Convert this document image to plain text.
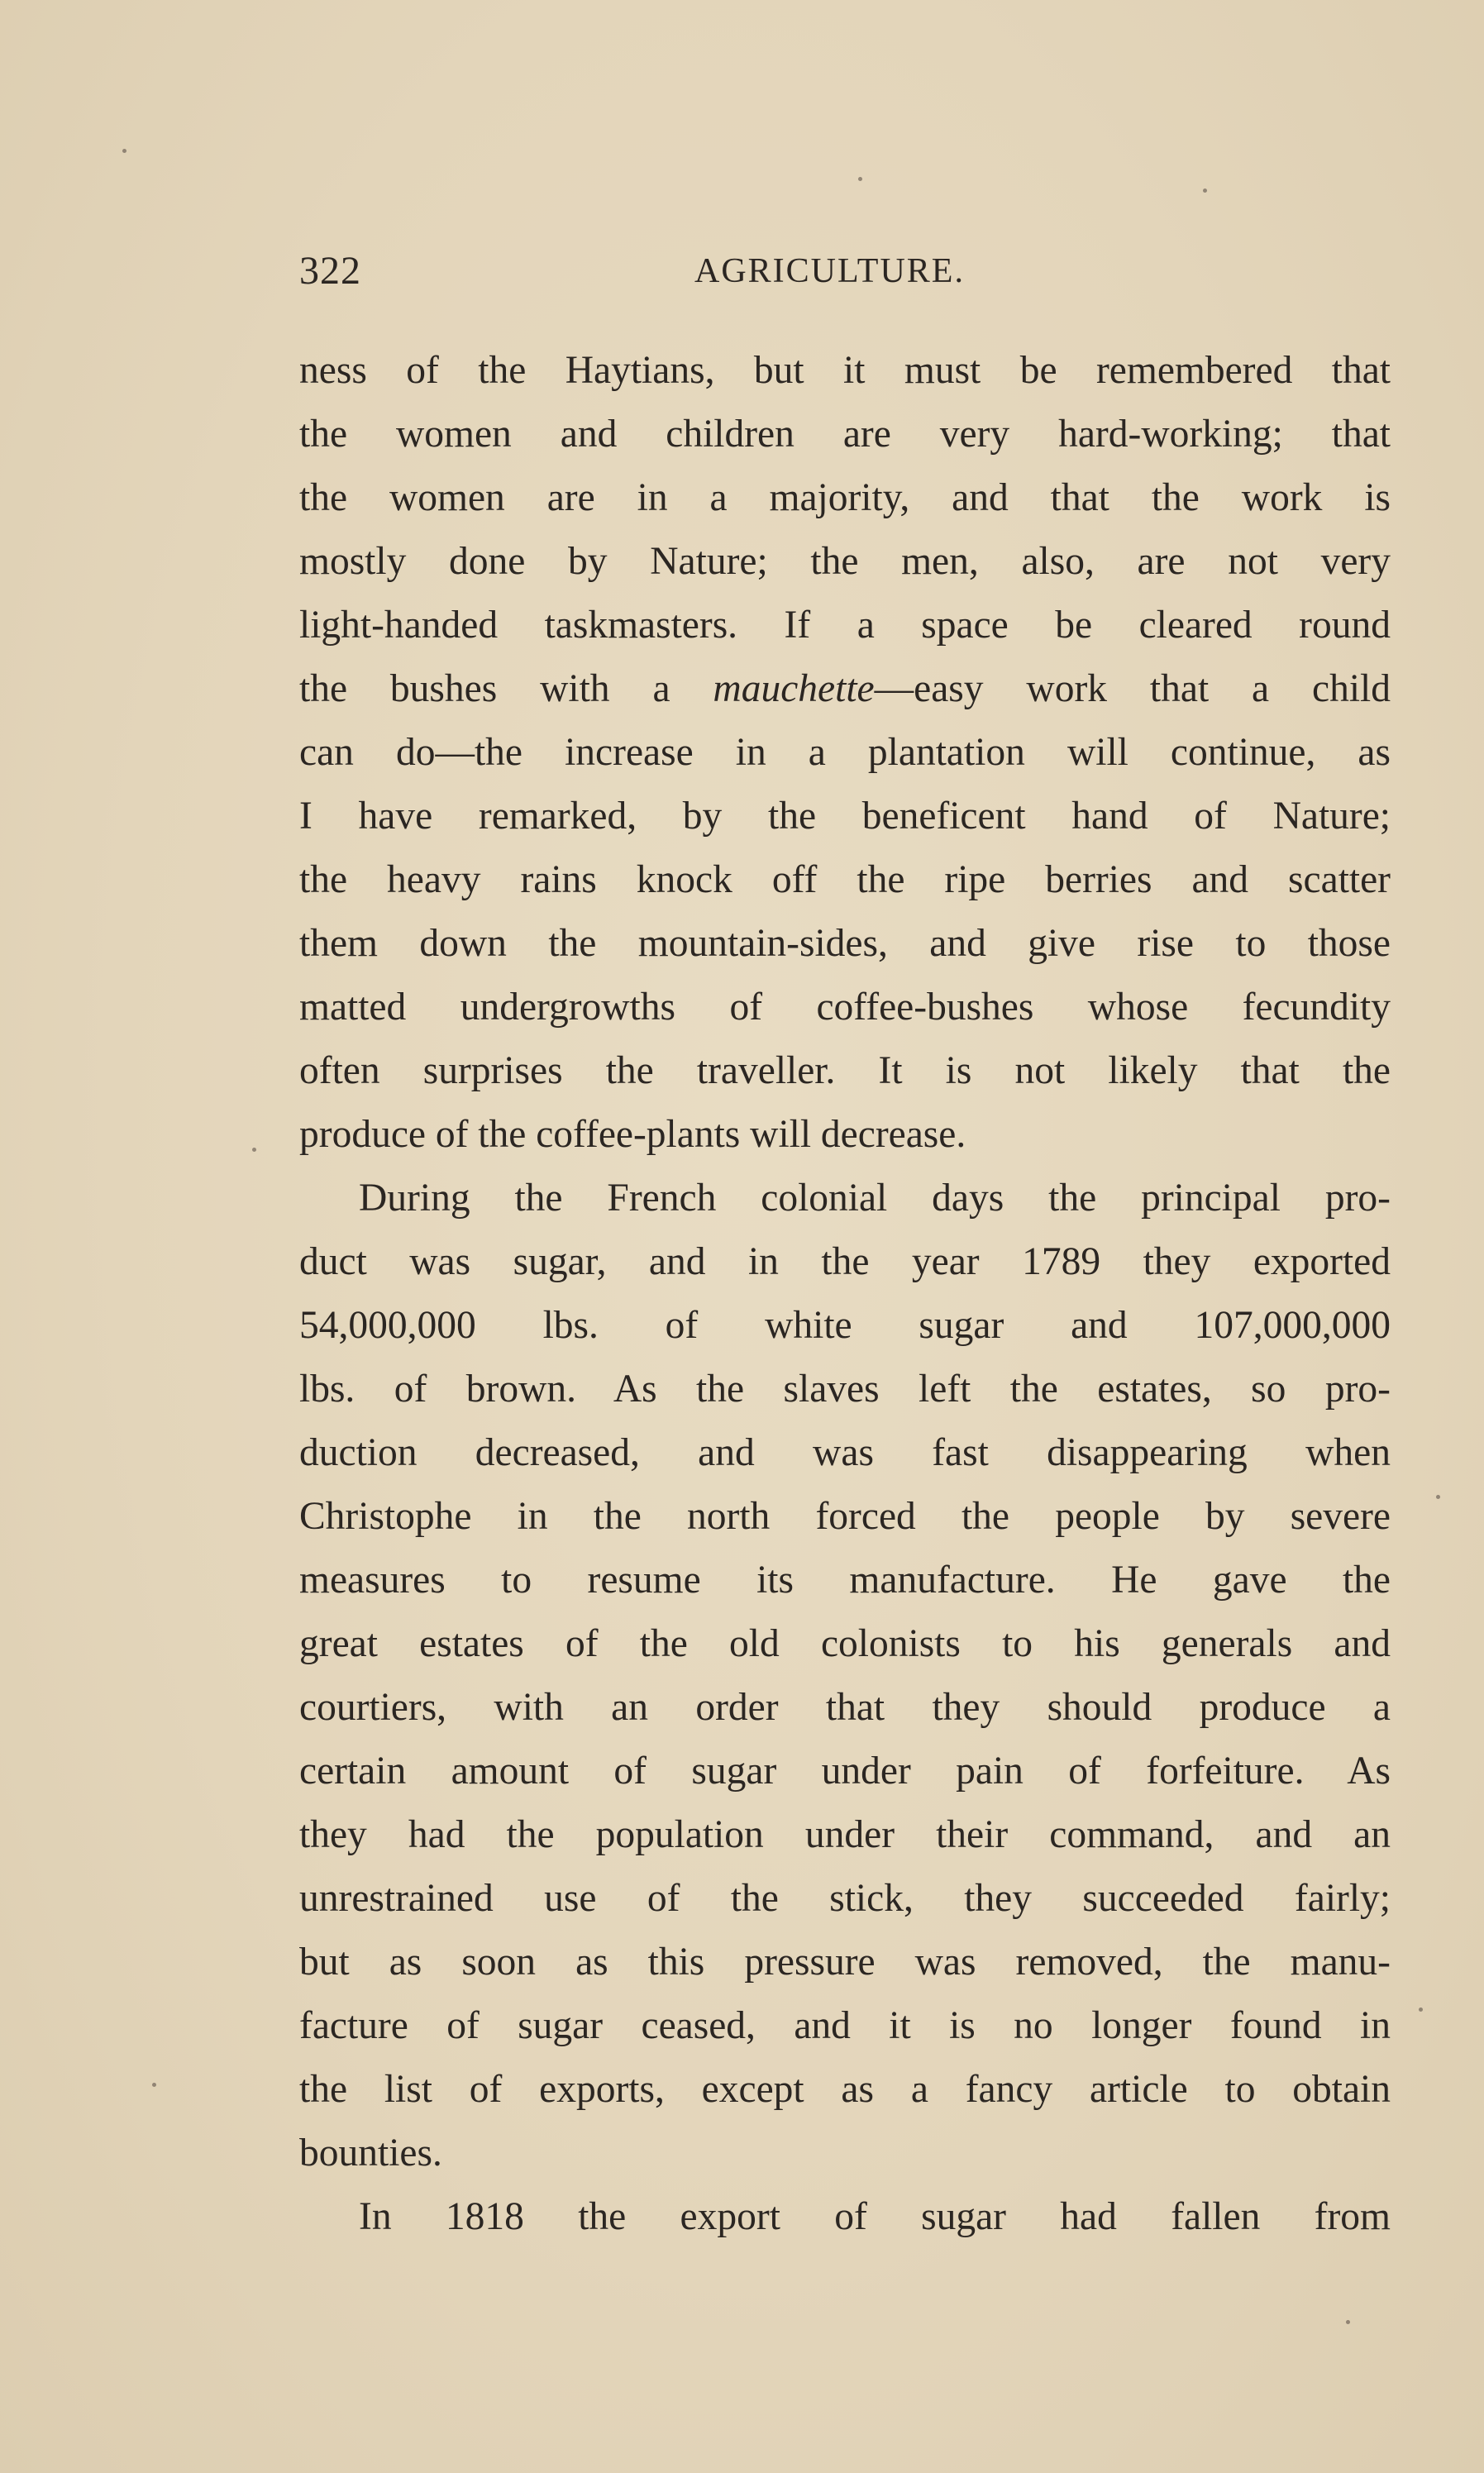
322	AGRICULTURE.
ness of the Haytians, but it must be remembered that
the women and children are very hard-working; that
the women are in a majority, and that the work is
mostly done by Nature; the men, also, are not very
light-handed taskmasters. If a space be cleared round
the bushes with a mauchette—easy work that a child
can do—the increase in a plantation will continue, as
I have remarked, by the beneficent hand of Nature;
the heavy rains knock off the ripe berries and scatter
them down the mountain-sides, and give rise to those
matted undergrowths of coffee-bushes whose fecundity
often surprises the traveller. It is not likely that the
produce of the coffee-plants will decrease.
During the French colonial days the principal pro-
duct was sugar, and in the year 1789 they exported
54,000,000 lbs. of white sugar and 107,000,000
lbs. of brown. As the slaves left the estates, so pro-
duction decreased, and was fast disappearing when
Christophe in the north forced the people by severe
measures to resume its manufacture. He gave the
great estates of the old colonists to his generals and
courtiers, with an order that they should produce a
certain amount of sugar under pain of forfeiture. As
they had the population under their command, and an
unrestrained use of the stick, they succeeded fairly;
but as soon as this pressure was removed, the manu-
facture of sugar ceased, and it is no longer found in
the list of exports, except as a fancy article to obtain
bounties.
In 1818 the export of sugar had fallen from
